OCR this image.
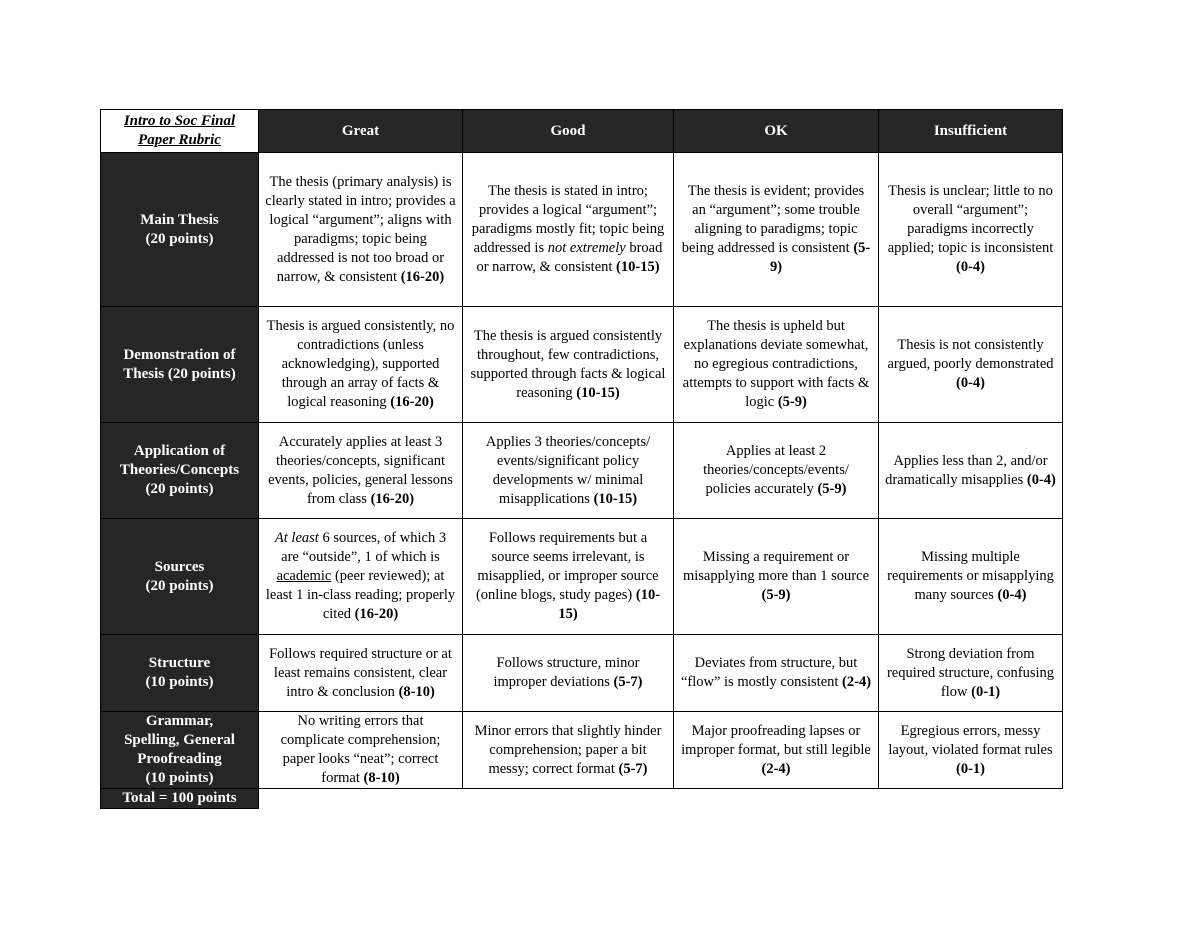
Intro to Soc Final
Paper Rubric	Great	Good	OK	Insufficient

Main Thesis
(20 points)	The thesis (primary analysis) is clearly stated in intro; provides a logical “argument”; aligns with paradigms; topic being addressed is not too broad or narrow, & consistent (16-20)	The thesis is stated in intro; provides a logical “argument”; paradigms mostly fit; topic being addressed is not extremely broad or narrow, & consistent (10-15)	The thesis is evident; provides an “argument”; some trouble aligning to paradigms; topic being addressed is consistent (5-9)	Thesis is unclear; little to no overall “argument”; paradigms incorrectly applied; topic is inconsistent (0-4)

Demonstration of
Thesis (20 points)	Thesis is argued consistently, no contradictions (unless acknowledging), supported through an array of facts & logical reasoning (16-20)	The thesis is argued consistently throughout, few contradictions, supported through facts & logical reasoning (10-15)	The thesis is upheld but explanations deviate somewhat, no egregious contradictions, attempts to support with facts & logic (5-9)	Thesis is not consistently argued, poorly demonstrated (0-4)

Application of
Theories/Concepts
(20 points)	Accurately applies at least 3 theories/concepts, significant events, policies, general lessons from class (16-20)	Applies 3 theories/concepts/ events/significant policy developments w/ minimal misapplications (10-15)	Applies at least 2 theories/concepts/events/ policies accurately (5-9)	Applies less than 2, and/or dramatically misapplies (0-4)

Sources
(20 points)	At least 6 sources, of which 3 are “outside”, 1 of which is academic (peer reviewed); at least 1 in-class reading; properly cited (16-20)	Follows requirements but a source seems irrelevant, is misapplied, or improper source (online blogs, study pages) (10-15)	Missing a requirement or misapplying more than 1 source (5-9)	Missing multiple requirements or misapplying many sources (0-4)

Structure
(10 points)	Follows required structure or at least remains consistent, clear intro & conclusion (8-10)	Follows structure, minor improper deviations (5-7)	Deviates from structure, but “flow” is mostly consistent (2-4)	Strong deviation from required structure, confusing flow (0-1)

Grammar,
Spelling, General
Proofreading
(10 points)	No writing errors that complicate comprehension; paper looks “neat”; correct format (8-10)	Minor errors that slightly hinder comprehension; paper a bit messy; correct format (5-7)	Major proofreading lapses or improper format, but still legible (2-4)	Egregious errors, messy layout, violated format rules (0-1)
Total = 100 points				
